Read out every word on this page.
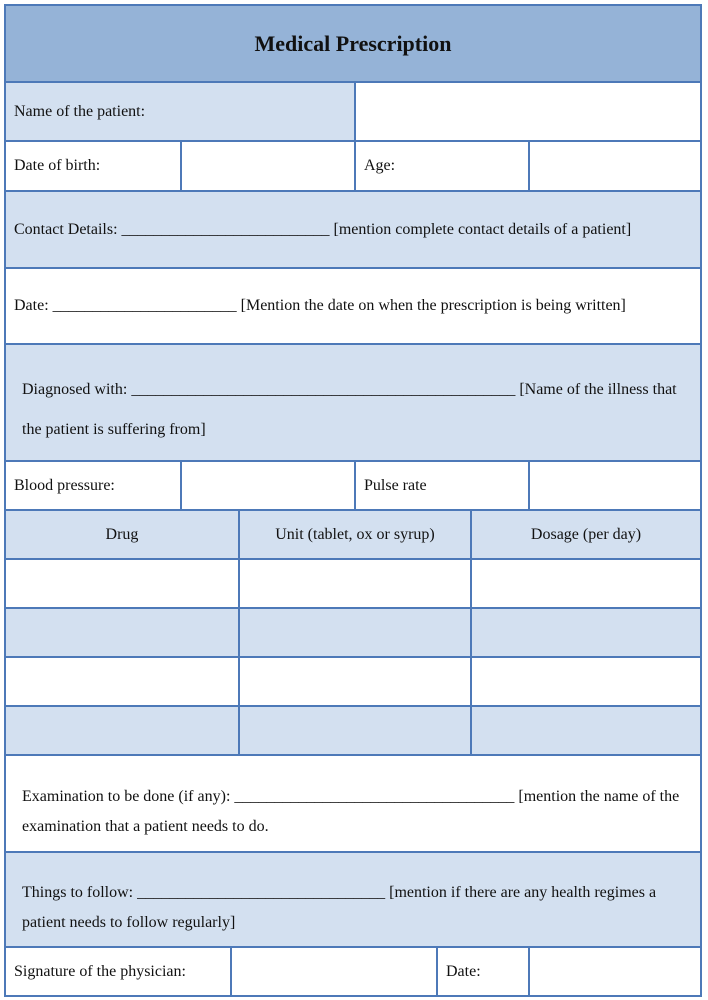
Medical Prescription
Name of the patient:
Date of birth:	Age:
Contact Details: __________________________ [mention complete contact details of a patient]
Date: _______________________ [Mention the date on when the prescription is being written]
Diagnosed with: ________________________________________________ [Name of the illness that the patient is suffering from]
Blood pressure:	Pulse rate
Drug	Unit (tablet, ox or syrup)	Dosage (per day)
Examination to be done (if any): ___________________________________ [mention the name of the examination that a patient needs to do.
Things to follow: _______________________________ [mention if there are any health regimes a patient needs to follow regularly]
Signature of the physician:	Date:
